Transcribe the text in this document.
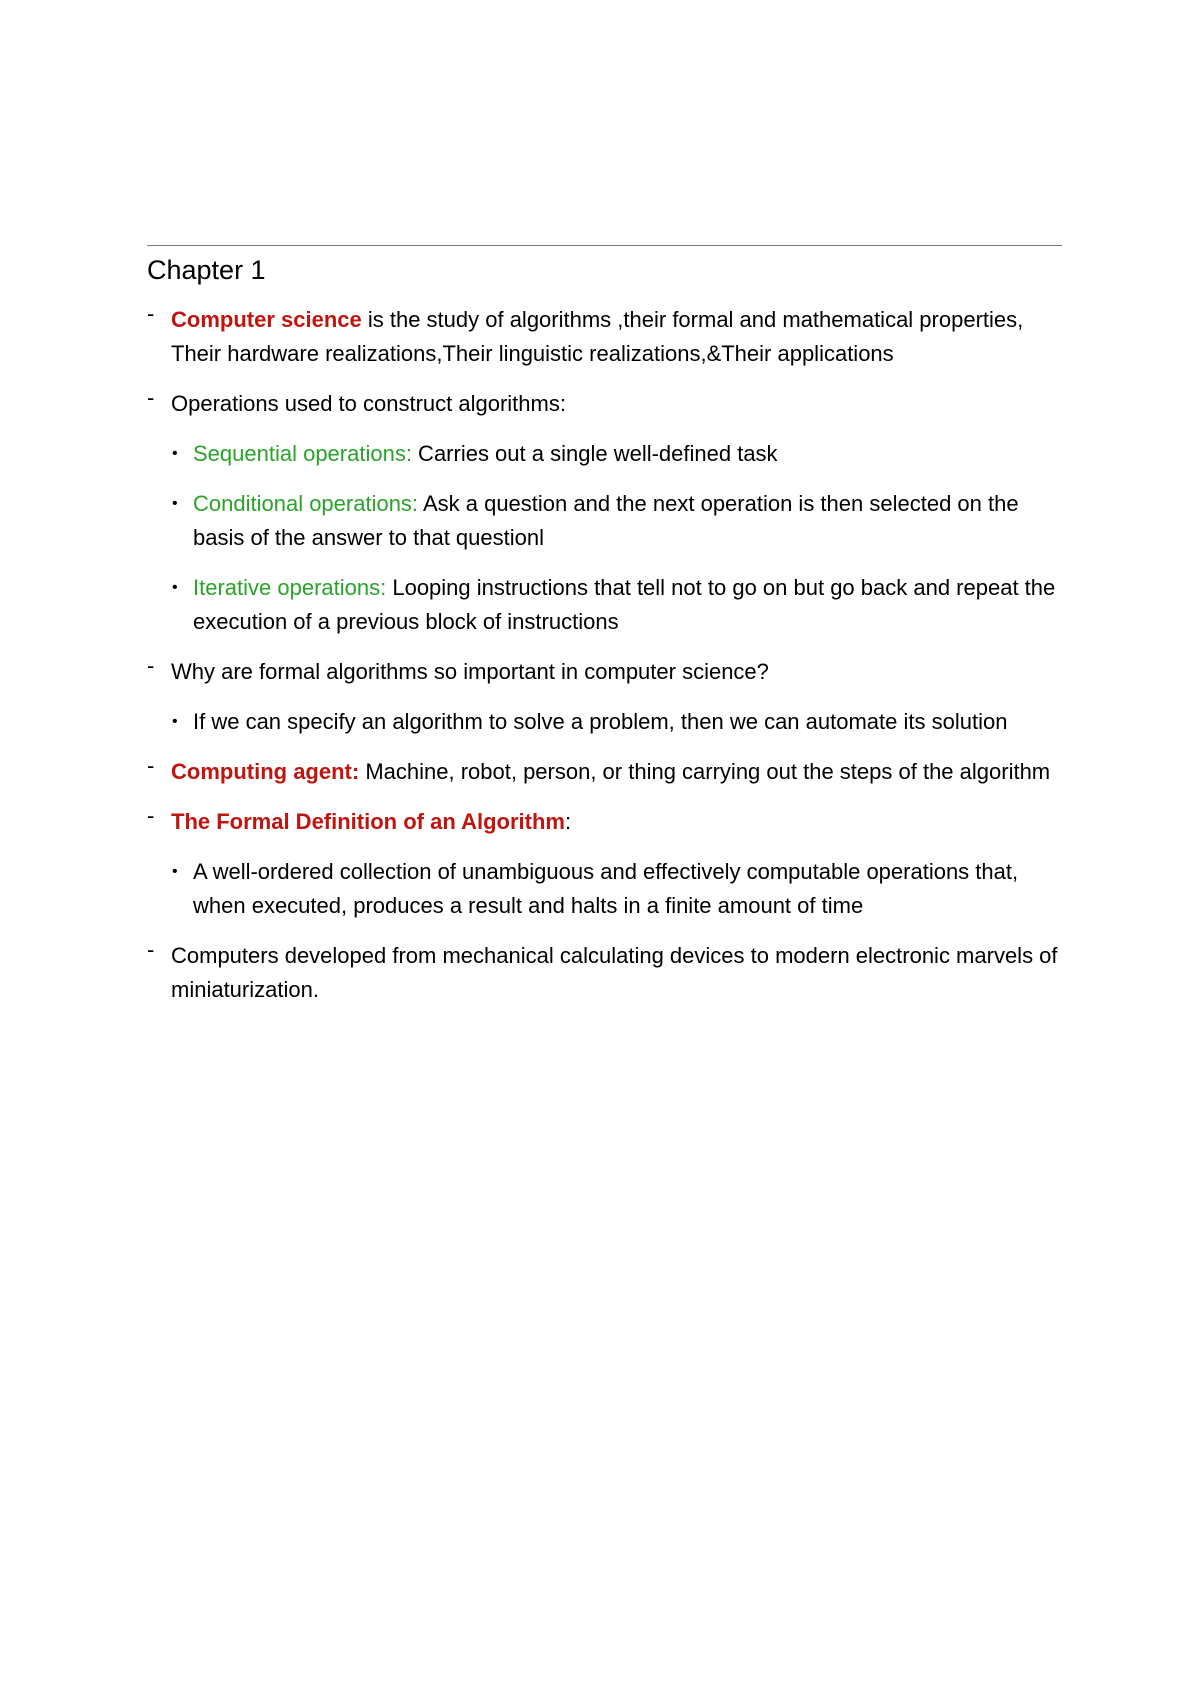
Chapter 1
- Computer science is the study of algorithms ,their formal and mathematical properties, Their hardware realizations,Their linguistic realizations,&Their applications
- Operations used to construct algorithms:
• Sequential operations: Carries out a single well-defined task
• Conditional operations: Ask a question and the next operation is then selected on the basis of the answer to that questionl
• Iterative operations: Looping instructions that tell not to go on but go back and repeat the execution of a previous block of instructions
- Why are formal algorithms so important in computer science?
• If we can specify an algorithm to solve a problem, then we can automate its solution
- Computing agent: Machine, robot, person, or thing carrying out the steps of the algorithm
- The Formal Definition of an Algorithm:
• A well-ordered collection of unambiguous and effectively computable operations that, when executed, produces a result and halts in a finite amount of time
- Computers developed from mechanical calculating devices to modern electronic marvels of miniaturization.
